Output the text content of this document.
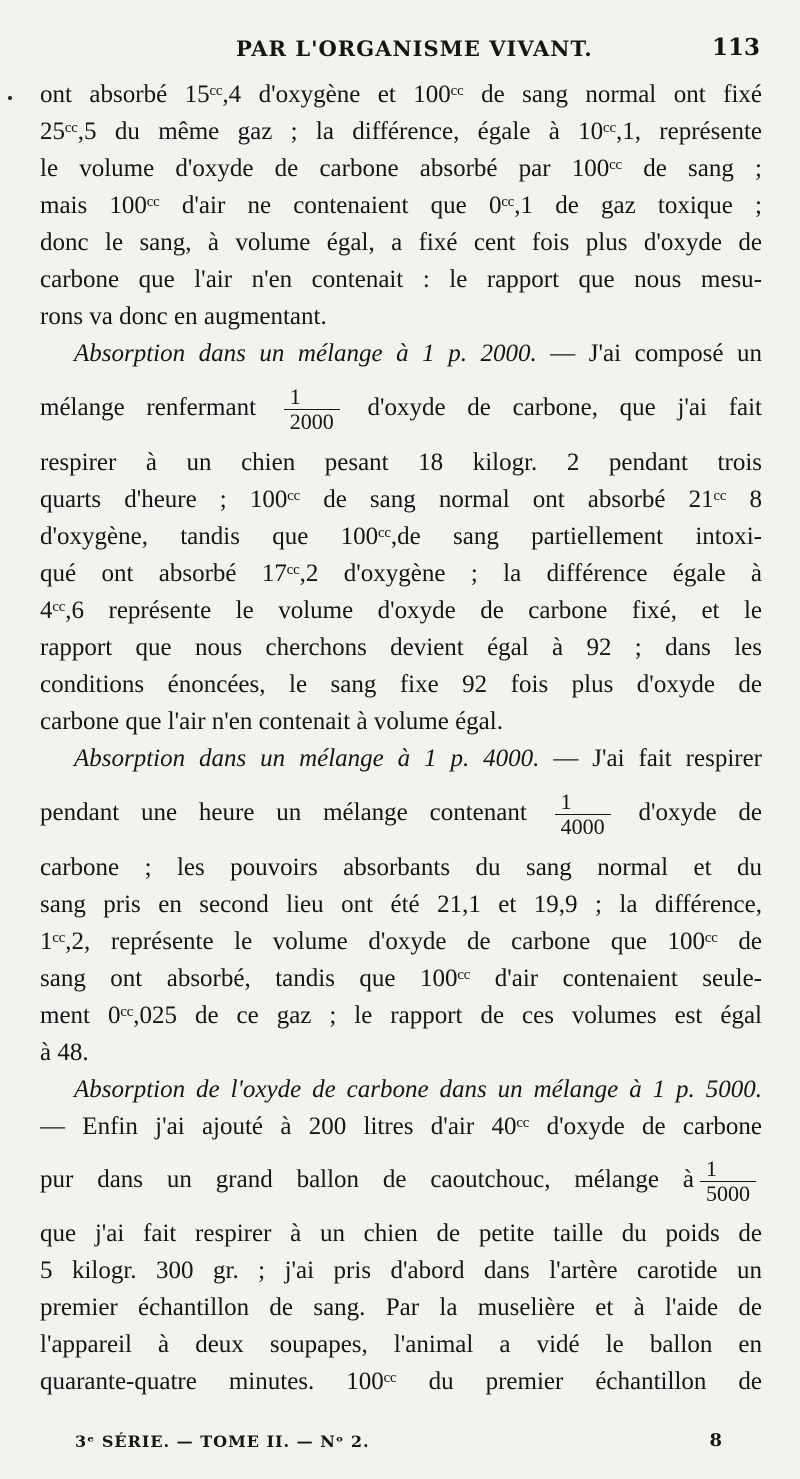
PAR L'ORGANISME VIVANT.	113
ont absorbé 15ᶜᶜ,4 d'oxygène et 100ᶜᶜ de sang normal ont fixé
25ᶜᶜ,5 du même gaz ; la différence, égale à 10ᶜᶜ,1, représente
le volume d'oxyde de carbone absorbé par 100ᶜᶜ de sang ;
mais 100ᶜᶜ d'air ne contenaient que 0ᶜᶜ,1 de gaz toxique ;
donc le sang, à volume égal, a fixé cent fois plus d'oxyde de
carbone que l'air n'en contenait : le rapport que nous mesu-
rons va donc en augmentant.
Absorption dans un mélange à 1 p. 2000. — J'ai composé un
mélange renfermant $\frac{1}{2000}$ d'oxyde de carbone, que j'ai fait
respirer à un chien pesant 18 kilogr. 2 pendant trois
quarts d'heure ; 100ᶜᶜ de sang normal ont absorbé 21ᶜᶜ 8
d'oxygène, tandis que 100ᶜᶜ,de sang partiellement intoxi-
qué ont absorbé 17ᶜᶜ,2 d'oxygène ; la différence égale à
4ᶜᶜ,6 représente le volume d'oxyde de carbone fixé, et le
rapport que nous cherchons devient égal à 92 ; dans les
conditions énoncées, le sang fixe 92 fois plus d'oxyde de
carbone que l'air n'en contenait à volume égal.
Absorption dans un mélange à 1 p. 4000. — J'ai fait respirer
pendant une heure un mélange contenant $\frac{1}{4000}$ d'oxyde de
carbone ; les pouvoirs absorbants du sang normal et du
sang pris en second lieu ont été 21,1 et 19,9 ; la différence,
1ᶜᶜ,2, représente le volume d'oxyde de carbone que 100ᶜᶜ de
sang ont absorbé, tandis que 100ᶜᶜ d'air contenaient seule-
ment 0ᶜᶜ,025 de ce gaz ; le rapport de ces volumes est égal
à 48.
Absorption de l'oxyde de carbone dans un mélange à 1 p. 5000.
— Enfin j'ai ajouté à 200 litres d'air 40ᶜᶜ d'oxyde de carbone
pur dans un grand ballon de caoutchouc, mélange à $\frac{1}{5000}$
que j'ai fait respirer à un chien de petite taille du poids de
5 kilogr. 300 gr. ; j'ai pris d'abord dans l'artère carotide un
premier échantillon de sang. Par la muselière et à l'aide de
l'appareil à deux soupapes, l'animal a vidé le ballon en
quarante-quatre minutes. 100ᶜᶜ du premier échantillon de
3ᵉ SÉRIE. — TOME II. — Nᵒ 2.	8
